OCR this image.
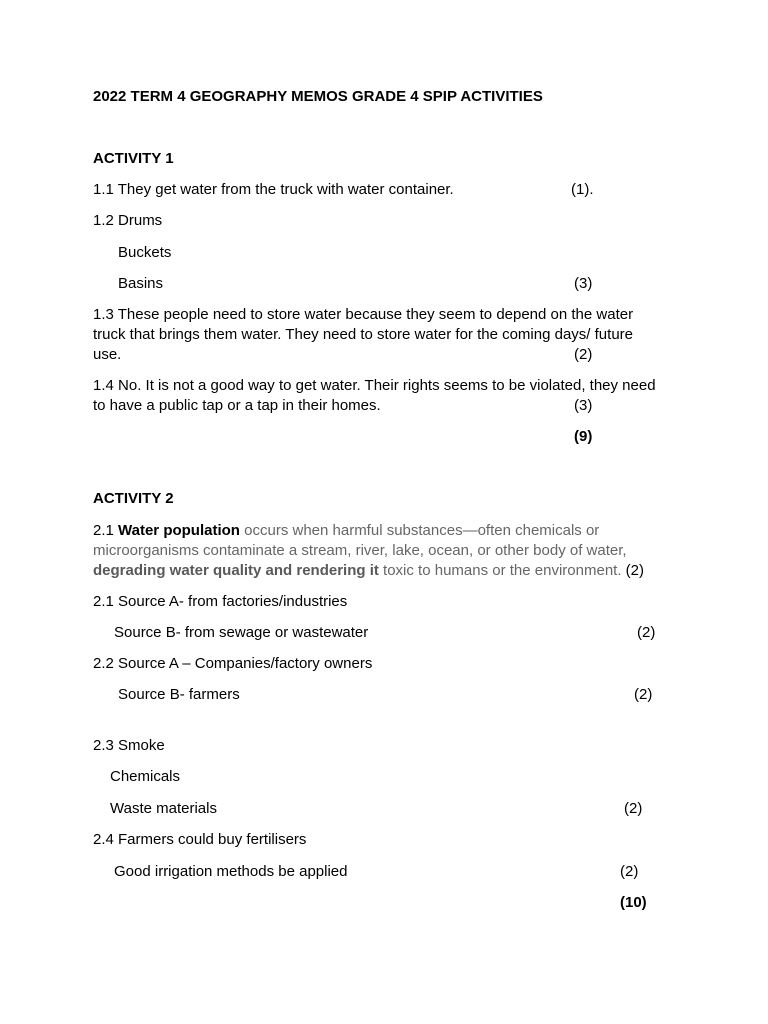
2022 TERM 4 GEOGRAPHY MEMOS GRADE 4 SPIP ACTIVITIES
ACTIVITY 1
1.1 They get water from the truck with water container.	(1).
1.2 Drums
Buckets
Basins	(3)
1.3 These people need to store water because they seem to depend on the water
truck that brings them water. They need to store water for the coming days/ future
use.	(2)
1.4 No. It is not a good way to get water. Their rights seems to be violated, they need
to have a public tap or a tap in their homes.	(3)
(9)
ACTIVITY 2
2.1 Water population occurs when harmful substances—often chemicals or
microorganisms contaminate a stream, river, lake, ocean, or other body of water,
degrading water quality and rendering it toxic to humans or the environment. (2)
2.1 Source A- from factories/industries
Source B- from sewage or wastewater	(2)
2.2 Source A – Companies/factory owners
Source B- farmers	(2)
2.3 Smoke
Chemicals
Waste materials	(2)
2.4 Farmers could buy fertilisers
Good irrigation methods be applied	(2)
(10)
